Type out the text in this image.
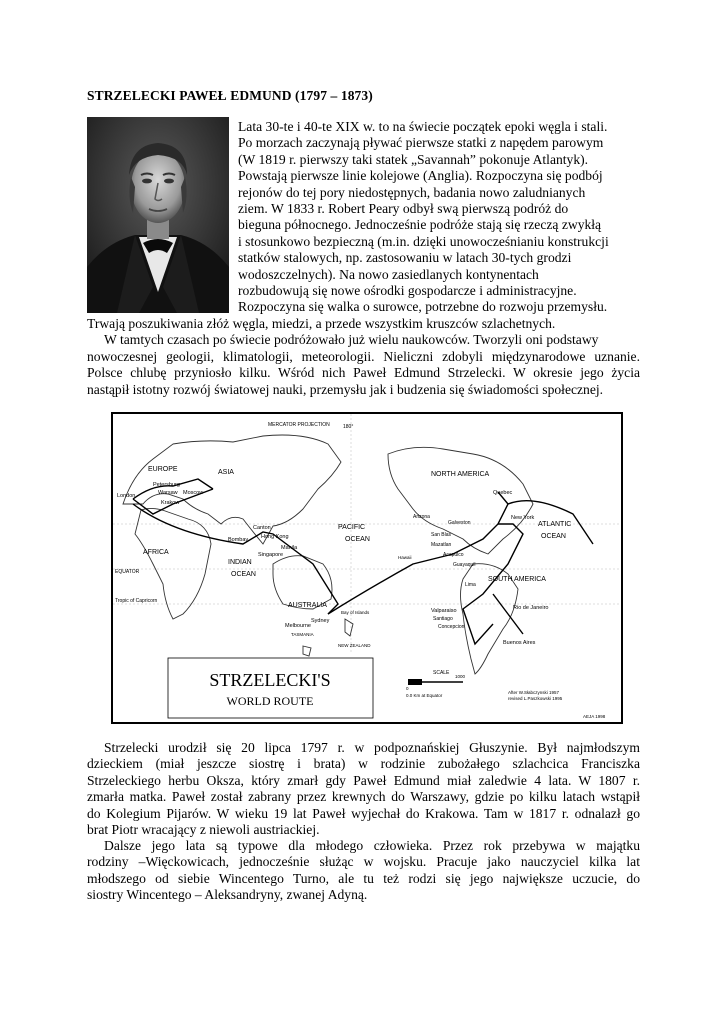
STRZELECKI PAWEŁ EDMUND (1797 – 1873)
Lata 30-te i 40-te XIX w. to na świecie początek epoki węgla i stali.
Po morzach zaczynają pływać pierwsze statki z napędem parowym
(W 1819 r. pierwszy taki statek „Savannah” pokonuje Atlantyk).
Powstają pierwsze linie kolejowe (Anglia). Rozpoczyna się podbój
rejonów do tej pory niedostępnych, badania nowo zaludnianych
ziem. W 1833 r. Robert Peary odbył swą pierwszą podróż do
bieguna północnego. Jednocześnie podróże stają się rzeczą zwykłą
i stosunkowo bezpieczną (m.in. dzięki unowocześnianiu konstrukcji
statków stalowych, np. zastosowaniu w latach 30-tych grodzi
wodoszczelnych). Na nowo zasiedlanych kontynentach
rozbudowują się nowe ośrodki gospodarcze i administracyjne.
Rozpoczyna się walka o surowce, potrzebne do rozwoju przemysłu.
Trwają poszukiwania złóż węgla, miedzi, a przede wszystkim kruszców szlachetnych.
W tamtych czasach po świecie podróżowało już wielu naukowców. Tworzyli oni podstawy
nowoczesnej geologii, klimatologii, meteorologii. Nieliczni zdobyli międzynarodowe uznanie.
Polsce chlubę przyniosło kilku. Wśród nich Paweł Edmund Strzelecki. W okresie jego życia
nastąpił istotny rozwój światowej nauki, przemysłu jak i budzenia się świadomości społecznej.
EUROPE	ASIA
AFRICA
NORTH AMERICA
SOUTH AMERICA
AUSTRALIA
PACIFIC
OCEAN
INDIAN
OCEAN
ATLANTIC
OCEAN
EQUATOR
Tropic of Capricorn
MERCATOR PROJECTION	180°
Petersburg
Warsaw Moscow
London
Krakow
Canton
Manila
Bombay
Singapore
Hong Kong
Quebec
New York
Arizona
Galveston
San Blas
Mazatlan
Acapulco
Guayaquil
Lima
Valparaiso
Santiago
Concepcion
Rio de Janeiro
Buenos Aires
Sydney
Melbourne
TASMANIA
NEW ZEALAND
Bay of Islands
Hawaii
STRZELECKI'S
WORLD ROUTE
SCALE
0
1000
0.0 Km at Equator
After W.Słabczynski 1957
revised L.Paszkowski 1995
AEJA 1998
Strzelecki urodził się 20 lipca 1797 r. w podpoznańskiej Głuszynie. Był najmłodszym
dzieckiem (miał jeszcze siostrę i brata) w rodzinie zubożałego szlachcica Franciszka
Strzeleckiego herbu Oksza, który zmarł gdy Paweł Edmund miał zaledwie 4 lata. W 1807 r.
zmarła matka. Paweł został zabrany przez krewnych do Warszawy, gdzie po kilku latach wstąpił
do Kolegium Pijarów. W wieku 19 lat Paweł wyjechał do Krakowa. Tam w 1817 r. odnalazł go
brat Piotr wracający z niewoli austriackiej.
Dalsze jego lata są typowe dla młodego człowieka. Przez rok przebywa w majątku
rodziny –Więckowicach, jednocześnie służąc w wojsku. Pracuje jako nauczyciel kilka lat
młodszego od siebie Wincentego Turno, ale tu też rodzi się jego największe uczucie, do
siostry Wincentego – Aleksandryny, zwanej Adyną.
